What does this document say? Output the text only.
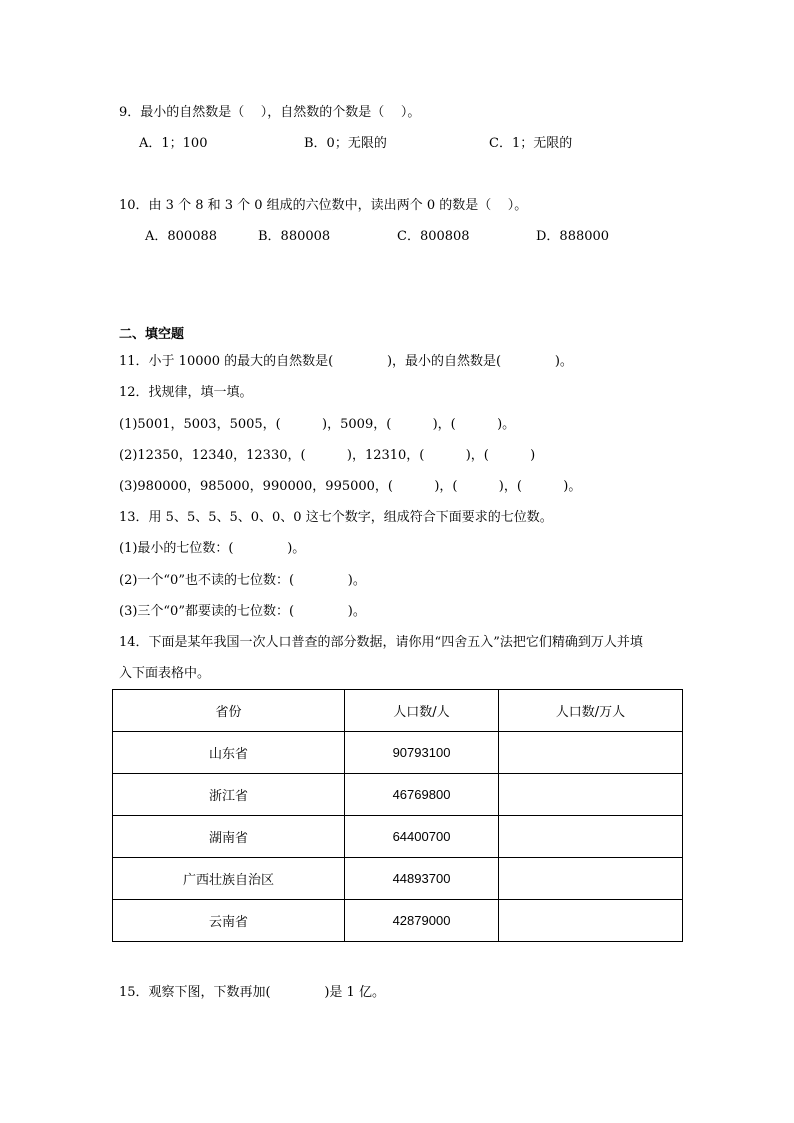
9．最小的自然数是（    ），自然数的个数是（    ）。
A．1；100	B．0；无限的	C．1；无限的
10．由 3 个 8 和 3 个 0 组成的六位数中，读出两个 0 的数是（    ）。
A．800088	B．880008	C．800808	D．888000
二、填空题
11．小于 10000 的最大的自然数是(             )，最小的自然数是(             )。
12．找规律，填一填。
(1)5001，5003，5005，(          )，5009，(          )，(          )。
(2)12350，12340，12330，(          )，12310，(          )，(          )
(3)980000，985000，990000，995000，(          )，(          )，(          )。
13．用 5、5、5、5、0、0、0 这七个数字，组成符合下面要求的七位数。
(1)最小的七位数：(             )。
(2)一个“0”也不读的七位数：(             )。
(3)三个“0”都要读的七位数：(             )。
14．下面是某年我国一次人口普查的部分数据，请你用“四舍五入”法把它们精确到万人并填
入下面表格中。
省份	人口数/人	人口数/万人
山东省	90793100	
浙江省	46769800	
湖南省	64400700	
广西壮族自治区	44893700	
云南省	42879000	
15．观察下图，下数再加(             )是 1 亿。
